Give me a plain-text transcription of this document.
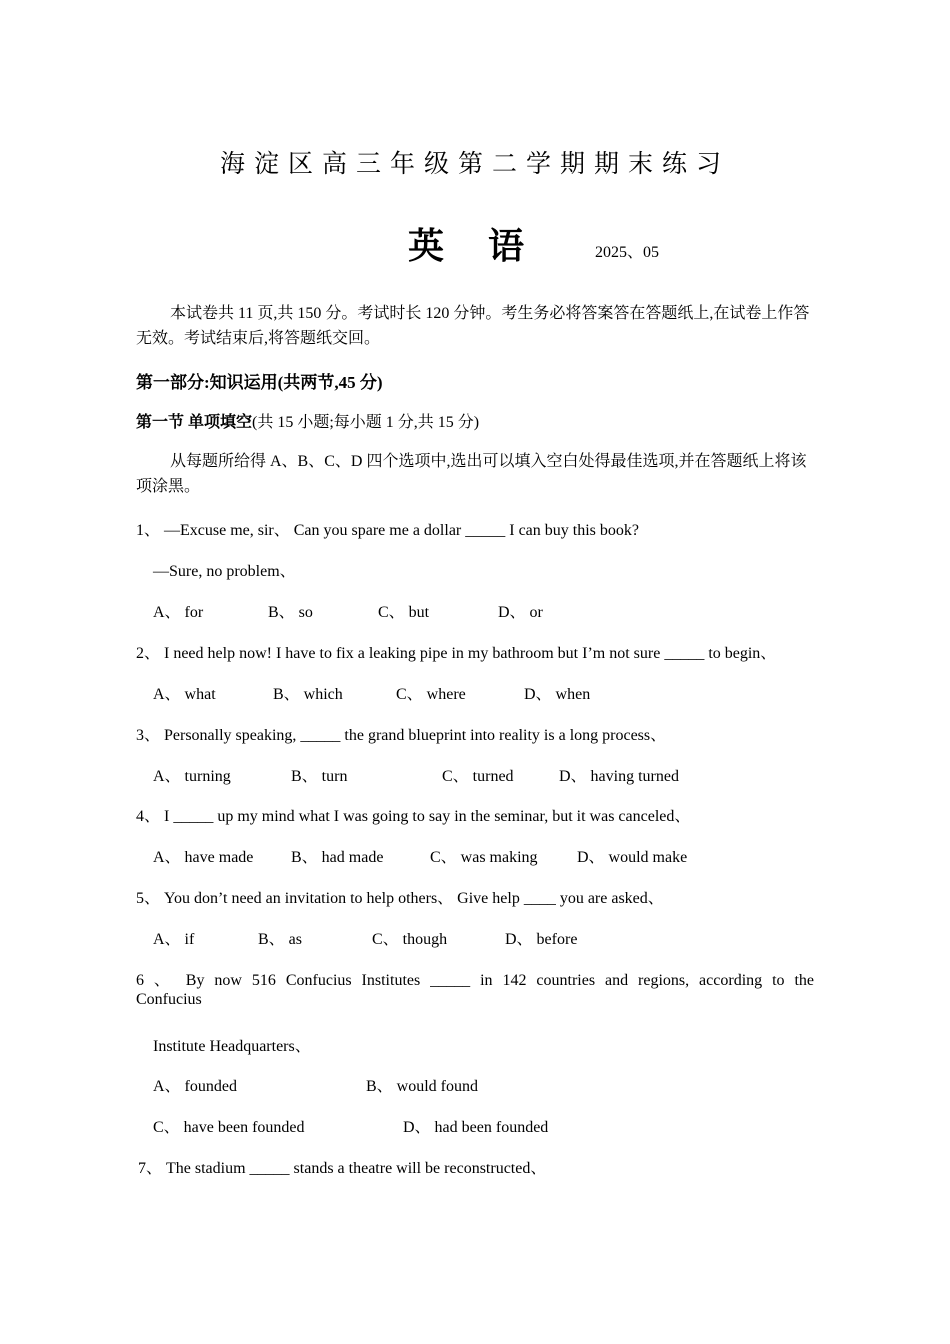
海淀区高三年级第二学期期末练习
英语 2025、05
本试卷共 11 页,共 150 分。考试时长 120 分钟。考生务必将答案答在答题纸上,在试卷上作答无效。考试结束后,将答题纸交回。
第一部分:知识运用(共两节,45 分)
第一节 单项填空(共 15 小题;每小题 1 分,共 15 分)
从每题所给得 A、B、C、D 四个选项中,选出可以填入空白处得最佳选项,并在答题纸上将该项涂黑。
1、 —Excuse me, sir、 Can you spare me a dollar _____ I can buy this book?
—Sure, no problem、
A、 for	B、 so	C、 but	D、 or
2、 I need help now! I have to fix a leaking pipe in my bathroom but I’m not sure _____ to begin、
A、 what	B、 which	C、 where	D、 when
3、 Personally speaking, _____ the grand blueprint into reality is a long process、
A、 turning	B、 turn	C、 turned	D、 having turned
4、 I _____ up my mind what I was going to say in the seminar, but it was canceled、
A、 have made B、 had made	C、 was making D、 would make
5、 You don’t need an invitation to help others、 Give help ____ you are asked、
A、 if	B、 as	C、 though	D、 before
6 、 By now 516 Confucius Institutes _____ in 142 countries and regions, according to the
Confucius
Institute Headquarters、
A、 founded	B、 would found
C、 have been founded	D、 had been founded
7、 The stadium _____ stands a theatre will be reconstructed、
